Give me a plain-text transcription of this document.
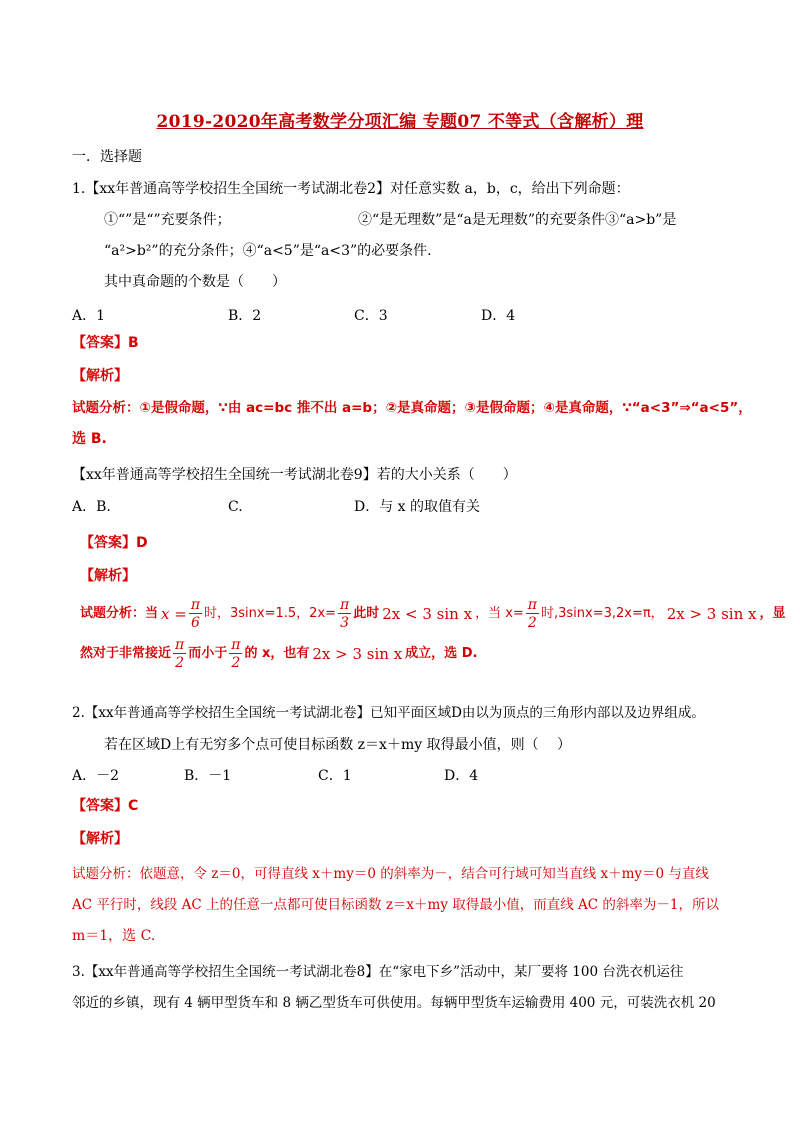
2019-2020年高考数学分项汇编 专题07 不等式（含解析）理
一．选择题
1.【xx年普通高等学校招生全国统一考试湖北卷2】对任意实数 a，b，c，给出下列命题：
①“”是“”充要条件；	②“是无理数”是“a是无理数”的充要条件③“a>b”是
“a²>b²”的充分条件；④“a<5”是“a<3”的必要条件.
其中真命题的个数是（　　）
A．1	B．2	C．3	D．4
【答案】B
【解析】
试题分析：①是假命题，∵由 ac=bc 推不出 a=b；②是真命题；③是假命题；④是真命题，∵“a<3”⇒“a<5”，
选 B.
【xx年普通高等学校招生全国统一考试湖北卷9】若的大小关系（　　）
A．B.	C.	D．与 x 的取值有关
【答案】D
【解析】
试题分析：当 $x = \frac{\pi}{6}$ 时，3sinx=1.5，$2x= \frac{\pi}{3}$ 此时 2x < 3 sin x ，当 $x= \frac{\pi}{2}$ 时,3sinx=3,2x=π， 2x > 3 sin x ，显
然对于非常接近 $\frac{\pi}{2}$ 而小于 $\frac{\pi}{2}$ 的 x，也有 2x > 3 sin x 成立，选 D.
2.【xx年普通高等学校招生全国统一考试湖北卷】已知平面区域D由以为顶点的三角形内部以及边界组成。
若在区域D上有无穷多个点可使目标函数 z＝x＋my 取得最小值，则（　 ）
A．－2	B．－1	C．1	D．4
【答案】C
【解析】
试题分析：依题意，令 z＝0，可得直线 x＋my＝0 的斜率为－，结合可行域可知当直线 x＋my＝0 与直线
AC 平行时，线段 AC 上的任意一点都可使目标函数 z＝x＋my 取得最小值，而直线 AC 的斜率为－1，所以
m＝1，选 C.
3.【xx年普通高等学校招生全国统一考试湖北卷8】在“家电下乡”活动中，某厂要将 100 台洗衣机运往
邻近的乡镇，现有 4 辆甲型货车和 8 辆乙型货车可供使用。每辆甲型货车运输费用 400 元，可装洗衣机 20
